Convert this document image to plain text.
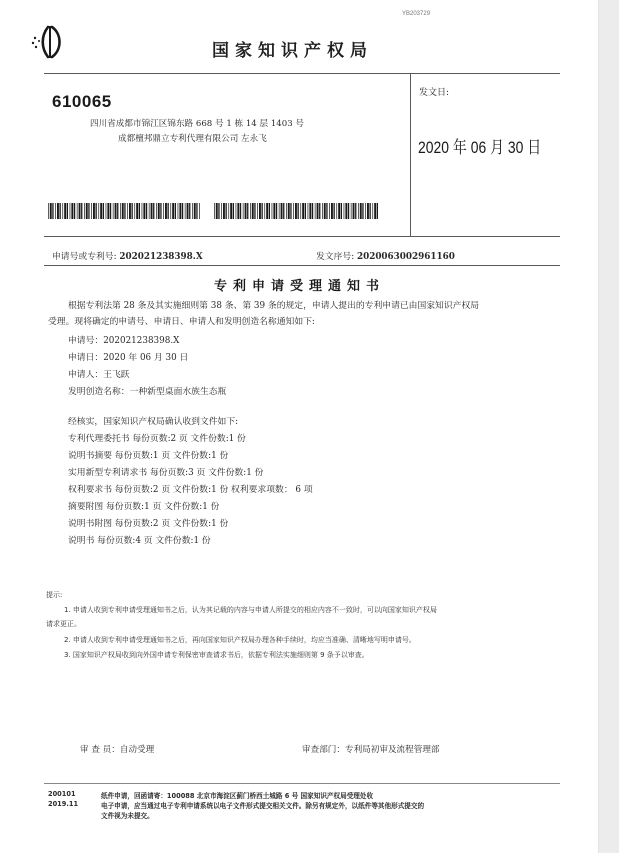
YB203729
国家知识产权局
610065
四川省成都市锦江区锦东路 668 号 1 栋 14 层 1403 号
成都檀邦鼎立专利代理有限公司 左永飞
发文日:
2020 年 06 月 30 日
申请号或专利号: 202021238398.X	发文序号: 2020063002961160
专利申请受理通知书
根据专利法第 28 条及其实施细则第 38 条、第 39 条的规定，申请人提出的专利申请已由国家知识产权局
受理。现将确定的申请号、申请日、申请人和发明创造名称通知如下:
申请号：202021238398.X
申请日：2020 年 06 月 30 日
申请人：王飞跃
发明创造名称：一种新型桌面水族生态瓶
经核实，国家知识产权局确认收到文件如下:
专利代理委托书 每份页数:2 页 文件份数:1 份
说明书摘要 每份页数:1 页 文件份数:1 份
实用新型专利请求书 每份页数:3 页 文件份数:1 份
权利要求书 每份页数:2 页 文件份数:1 份 权利要求项数： 6 项
摘要附图 每份页数:1 页 文件份数:1 份
说明书附图 每份页数:2 页 文件份数:1 份
说明书 每份页数:4 页 文件份数:1 份
提示:
1. 申请人收到专利申请受理通知书之后，认为其记载的内容与申请人所提交的相应内容不一致时，可以向国家知识产权局
请求更正。
2. 申请人收到专利申请受理通知书之后，再向国家知识产权局办理各种手续时，均应当准确、清晰地写明申请号。
3. 国家知识产权局收到向外国申请专利保密审查请求书后，依据专利法实施细则第 9 条予以审查。
审 查 员：自动受理	审查部门：专利局初审及流程管理部
200101
2019.11
纸件申请，回函请寄：100088 北京市海淀区蓟门桥西土城路 6 号 国家知识产权局受理处收
电子申请，应当通过电子专利申请系统以电子文件形式提交相关文件。除另有规定外，以纸件等其他形式提交的
文件视为未提交。
